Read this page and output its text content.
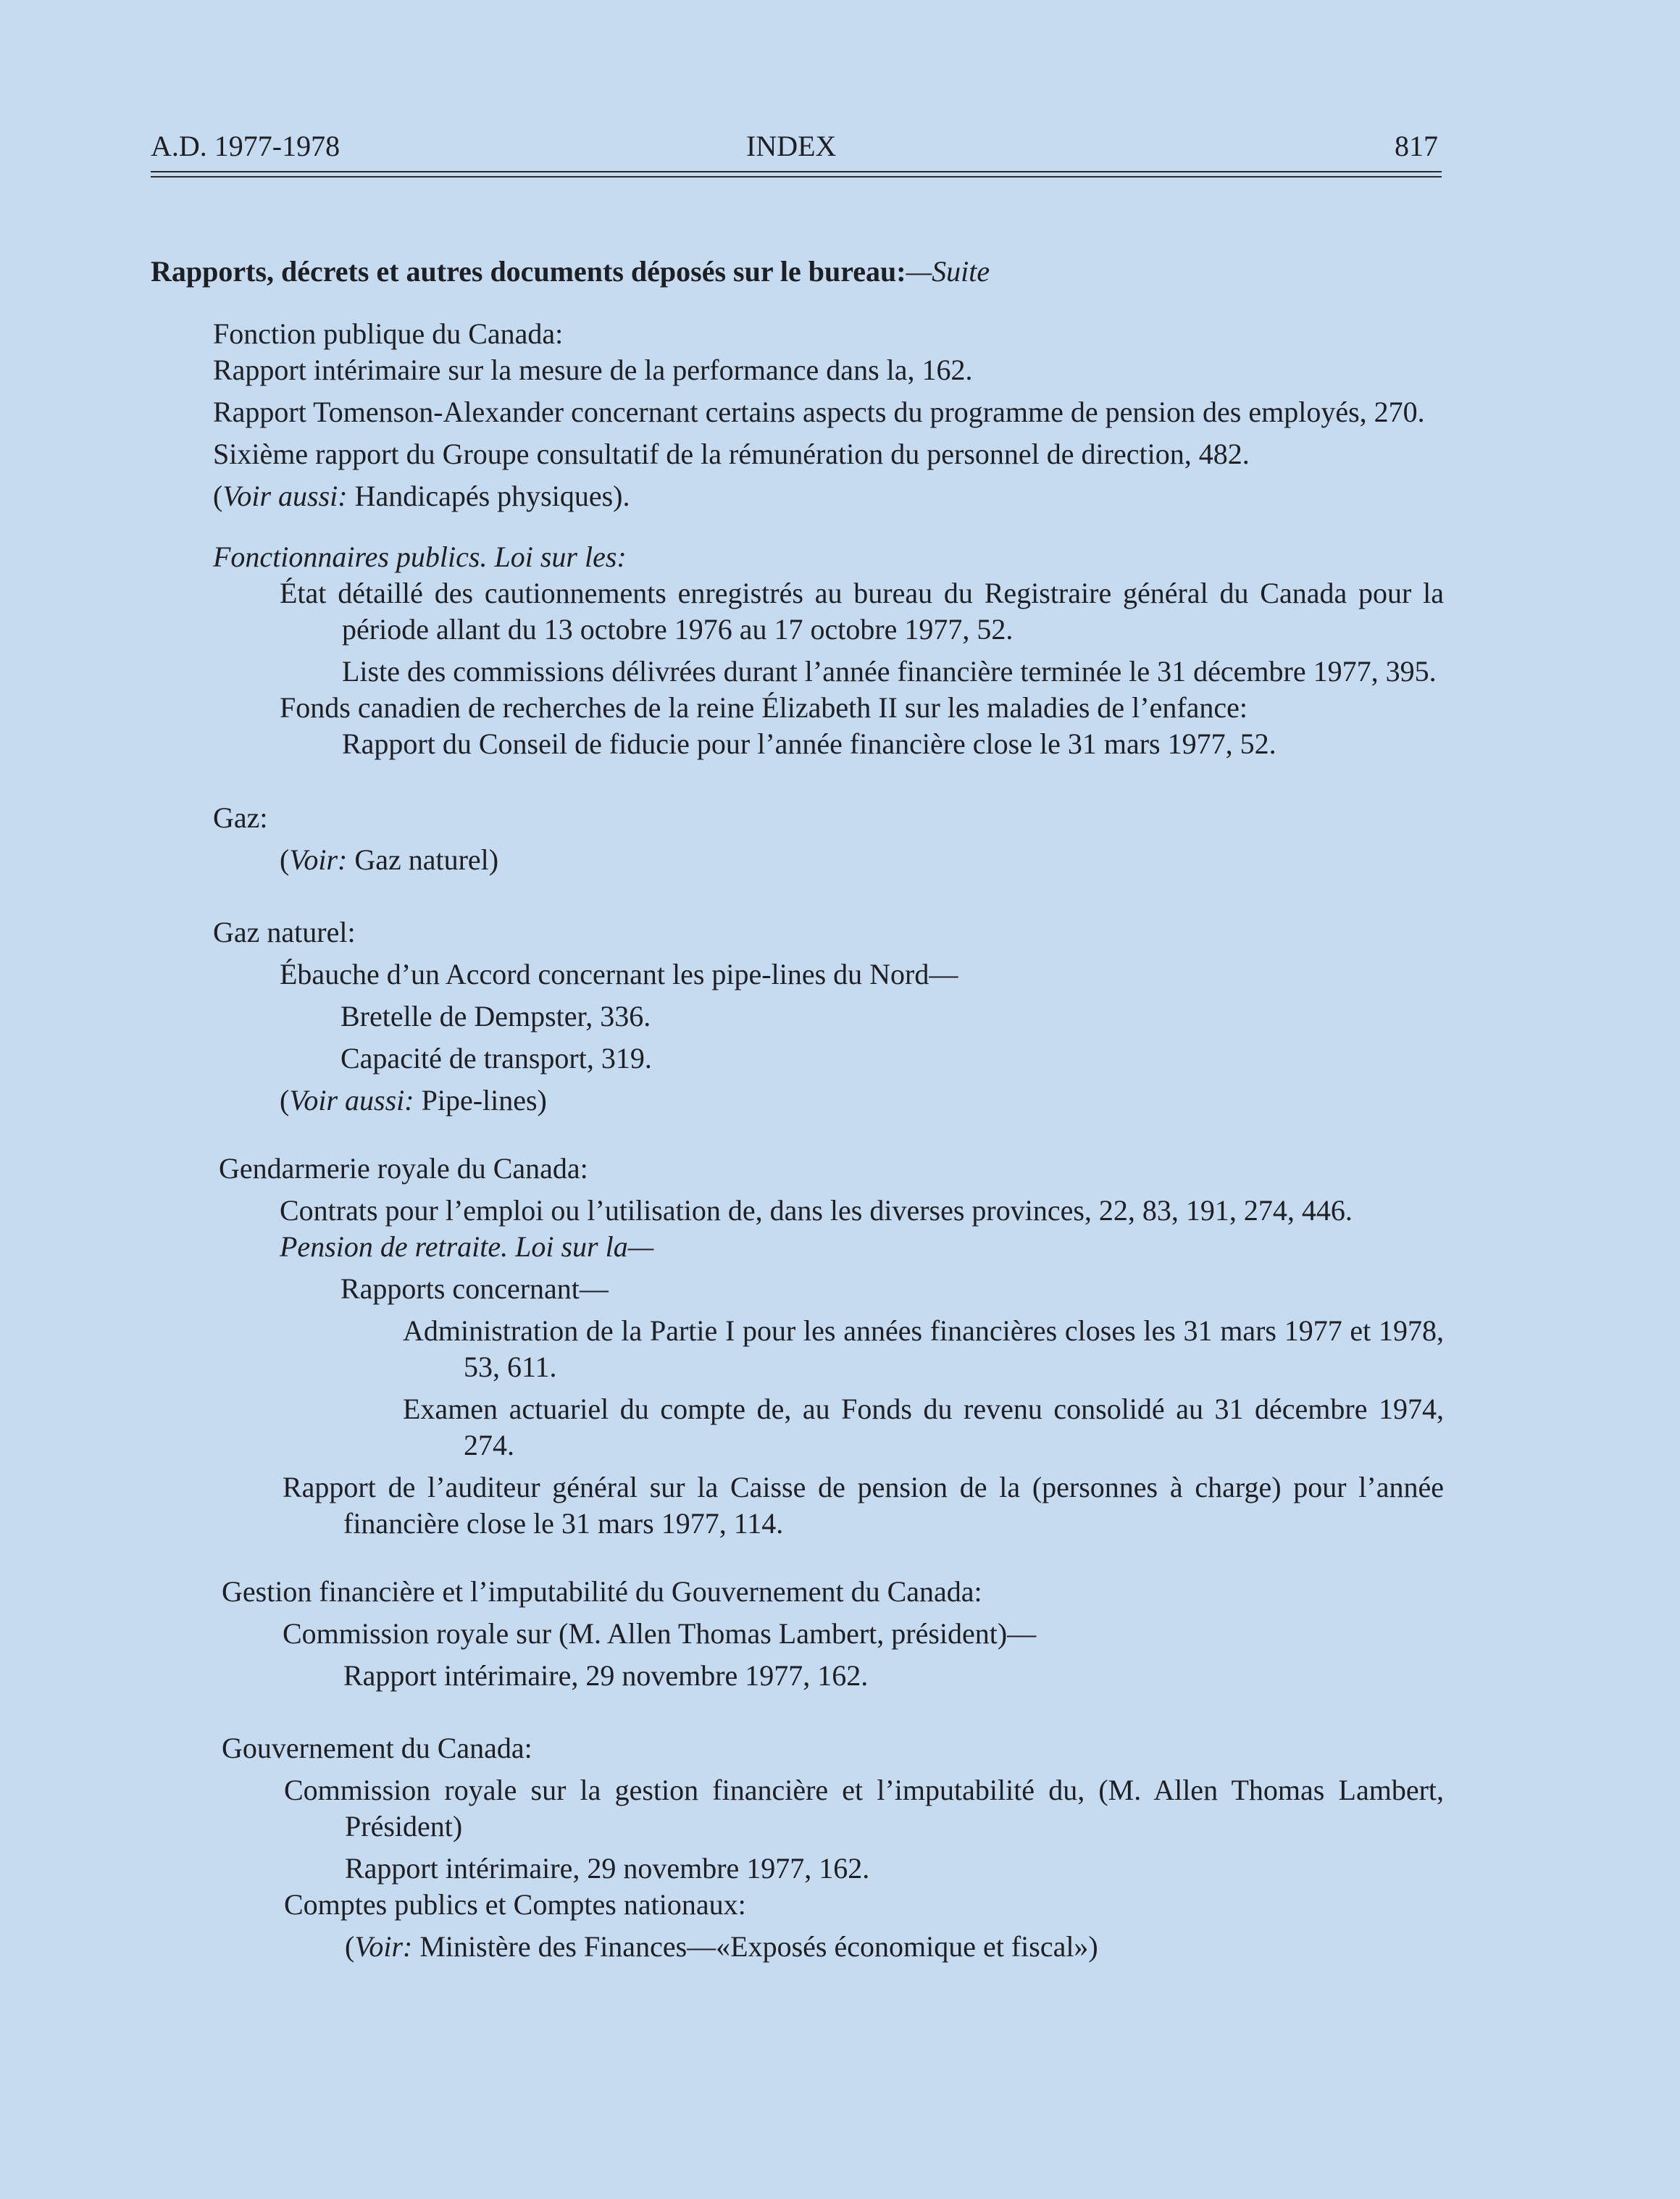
A.D. 1977-1978	INDEX	817
Rapports, décrets et autres documents déposés sur le bureau:—Suite
Fonction publique du Canada:
Rapport intérimaire sur la mesure de la performance dans la, 162.
Rapport Tomenson-Alexander concernant certains aspects du programme de pension des employés, 270.
Sixième rapport du Groupe consultatif de la rémunération du personnel de direction, 482.
(Voir aussi: Handicapés physiques).
Fonctionnaires publics. Loi sur les:
État détaillé des cautionnements enregistrés au bureau du Registraire général du Canada pour la période allant du 13 octobre 1976 au 17 octobre 1977, 52.
Liste des commissions délivrées durant l’année financière terminée le 31 décembre 1977, 395.
Fonds canadien de recherches de la reine Élizabeth II sur les maladies de l’enfance:
Rapport du Conseil de fiducie pour l’année financière close le 31 mars 1977, 52.
Gaz:
(Voir: Gaz naturel)
Gaz naturel:
Ébauche d’un Accord concernant les pipe-lines du Nord—
Bretelle de Dempster, 336.
Capacité de transport, 319.
(Voir aussi: Pipe-lines)
Gendarmerie royale du Canada:
Contrats pour l’emploi ou l’utilisation de, dans les diverses provinces, 22, 83, 191, 274, 446.
Pension de retraite. Loi sur la—
Rapports concernant—
Administration de la Partie I pour les années financières closes les 31 mars 1977 et 1978, 53, 611.
Examen actuariel du compte de, au Fonds du revenu consolidé au 31 décembre 1974, 274.
Rapport de l’auditeur général sur la Caisse de pension de la (personnes à charge) pour l’année financière close le 31 mars 1977, 114.
Gestion financière et l’imputabilité du Gouvernement du Canada:
Commission royale sur (M. Allen Thomas Lambert, président)—
Rapport intérimaire, 29 novembre 1977, 162.
Gouvernement du Canada:
Commission royale sur la gestion financière et l’imputabilité du, (M. Allen Thomas Lambert, Président)
Rapport intérimaire, 29 novembre 1977, 162.
Comptes publics et Comptes nationaux:
(Voir: Ministère des Finances—«Exposés économique et fiscal»)
